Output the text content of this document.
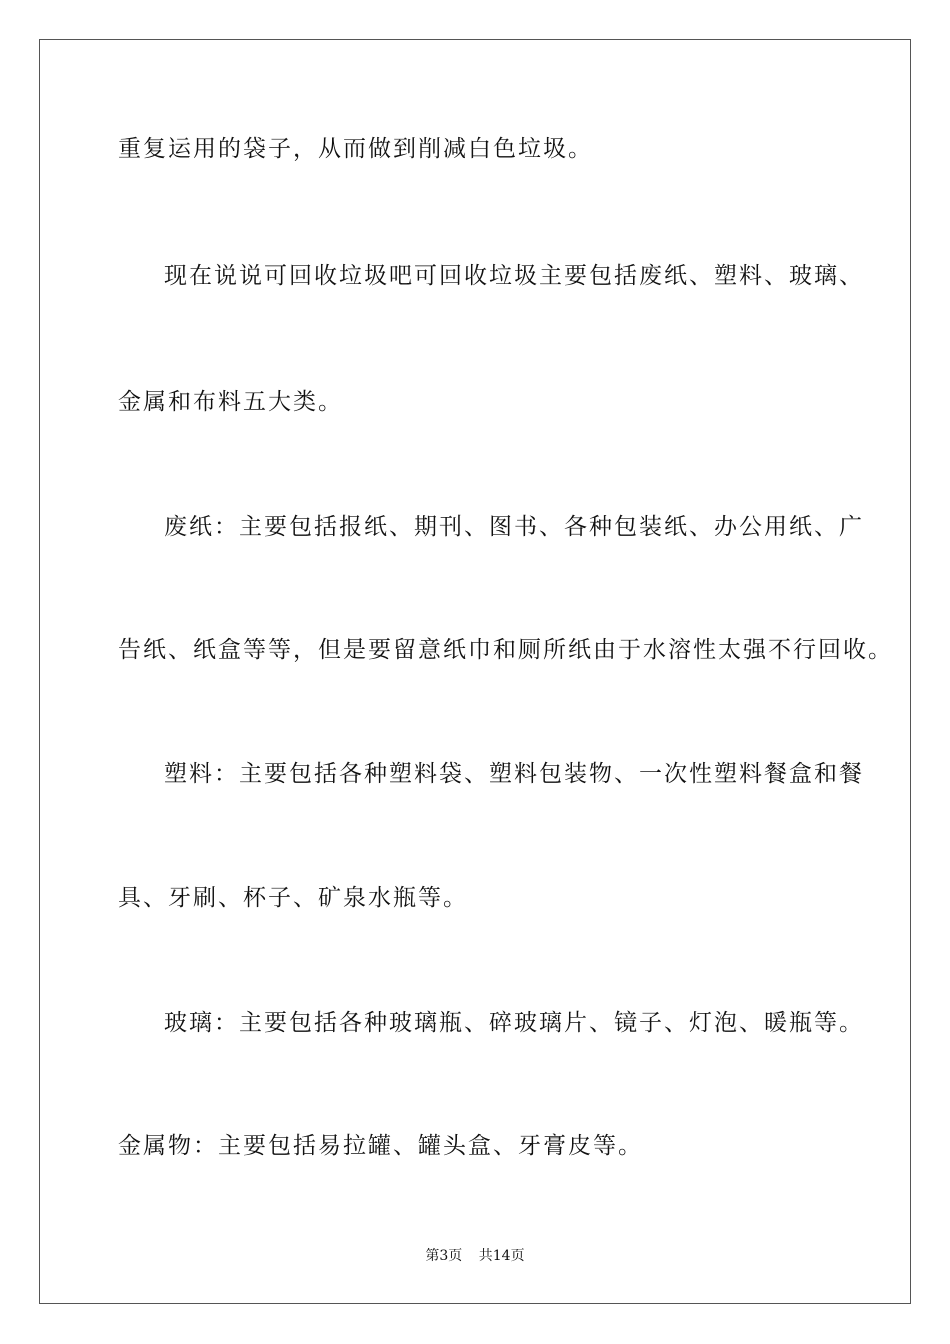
重复运用的袋子，从而做到削减白色垃圾。
现在说说可回收垃圾吧可回收垃圾主要包括废纸、塑料、玻璃、
金属和布料五大类。
废纸：主要包括报纸、期刊、图书、各种包装纸、办公用纸、广
告纸、纸盒等等，但是要留意纸巾和厕所纸由于水溶性太强不行回收。
塑料：主要包括各种塑料袋、塑料包装物、一次性塑料餐盒和餐
具、牙刷、杯子、矿泉水瓶等。
玻璃：主要包括各种玻璃瓶、碎玻璃片、镜子、灯泡、暖瓶等。
金属物：主要包括易拉罐、罐头盒、牙膏皮等。
第3页 共14页
